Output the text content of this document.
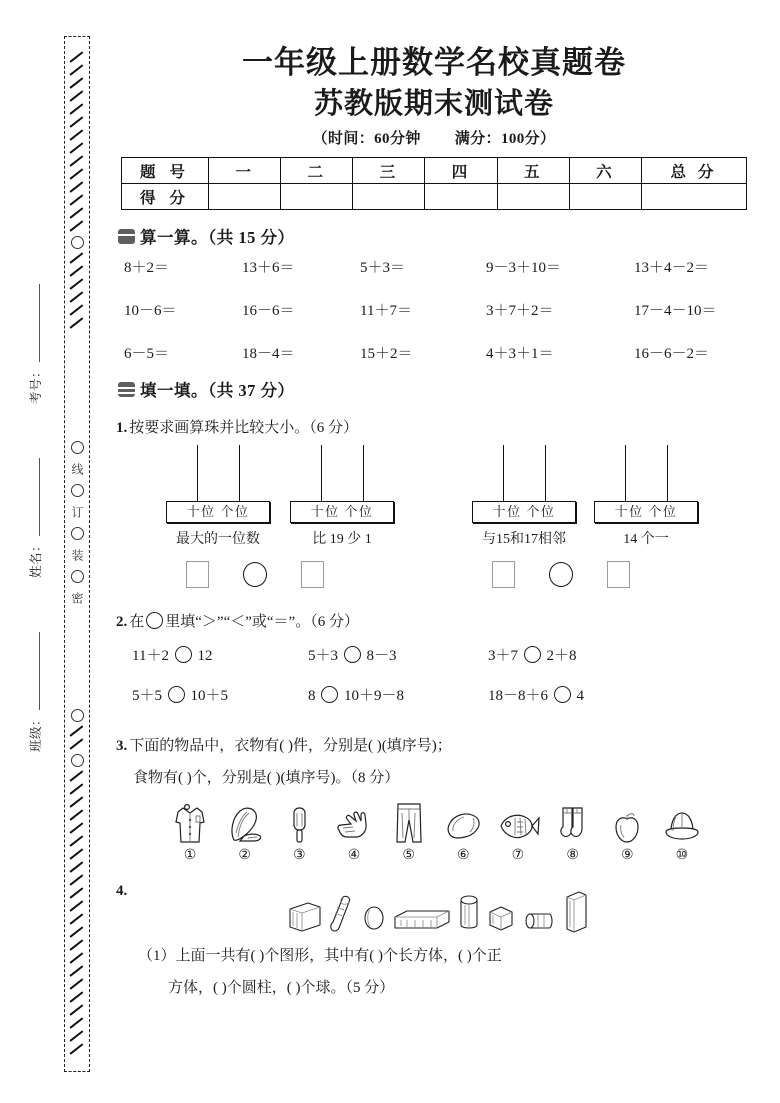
线
订
装
密
考号：
姓名：
班级：
一年级上册数学名校真题卷
苏教版期末测试卷
（时间：60分钟 满分：100分）
题 号	一	二	三	四	五	六	总 分
得 分							
算一算。（共 15 分）
8＋2＝	13＋6＝	5＋3＝	9－3＋10＝	13＋4－2＝
10－6＝	16－6＝	11＋7＝	3＋7＋2＝	17－4－10＝
6－5＝	18－4＝	15＋2＝	4＋3＋1＝	16－6－2＝
填一填。（共 37 分）
1. 按要求画算珠并比较大小。（6 分）
十位 个位
最大的一位数
十位 个位
比 19 少 1
十位 个位
与15和17相邻
十位 个位
14 个一
2. 在 里填“＞”“＜”或“＝”。（6 分）
11＋2  12	5＋3  8－3	3＋7  2＋8
5＋5  10＋5	8  10＋9－8	18－8＋6  4
3. 下面的物品中，衣物有( )件，分别是( )(填序号)；
食物有( )个，分别是( )(填序号)。（8 分）
①	②	③	④	⑤	⑥	⑦	⑧	⑨	⑩
4.
（1）上面一共有( )个图形，其中有( )个长方体，( )个正
方体，( )个圆柱，( )个球。（5 分）
